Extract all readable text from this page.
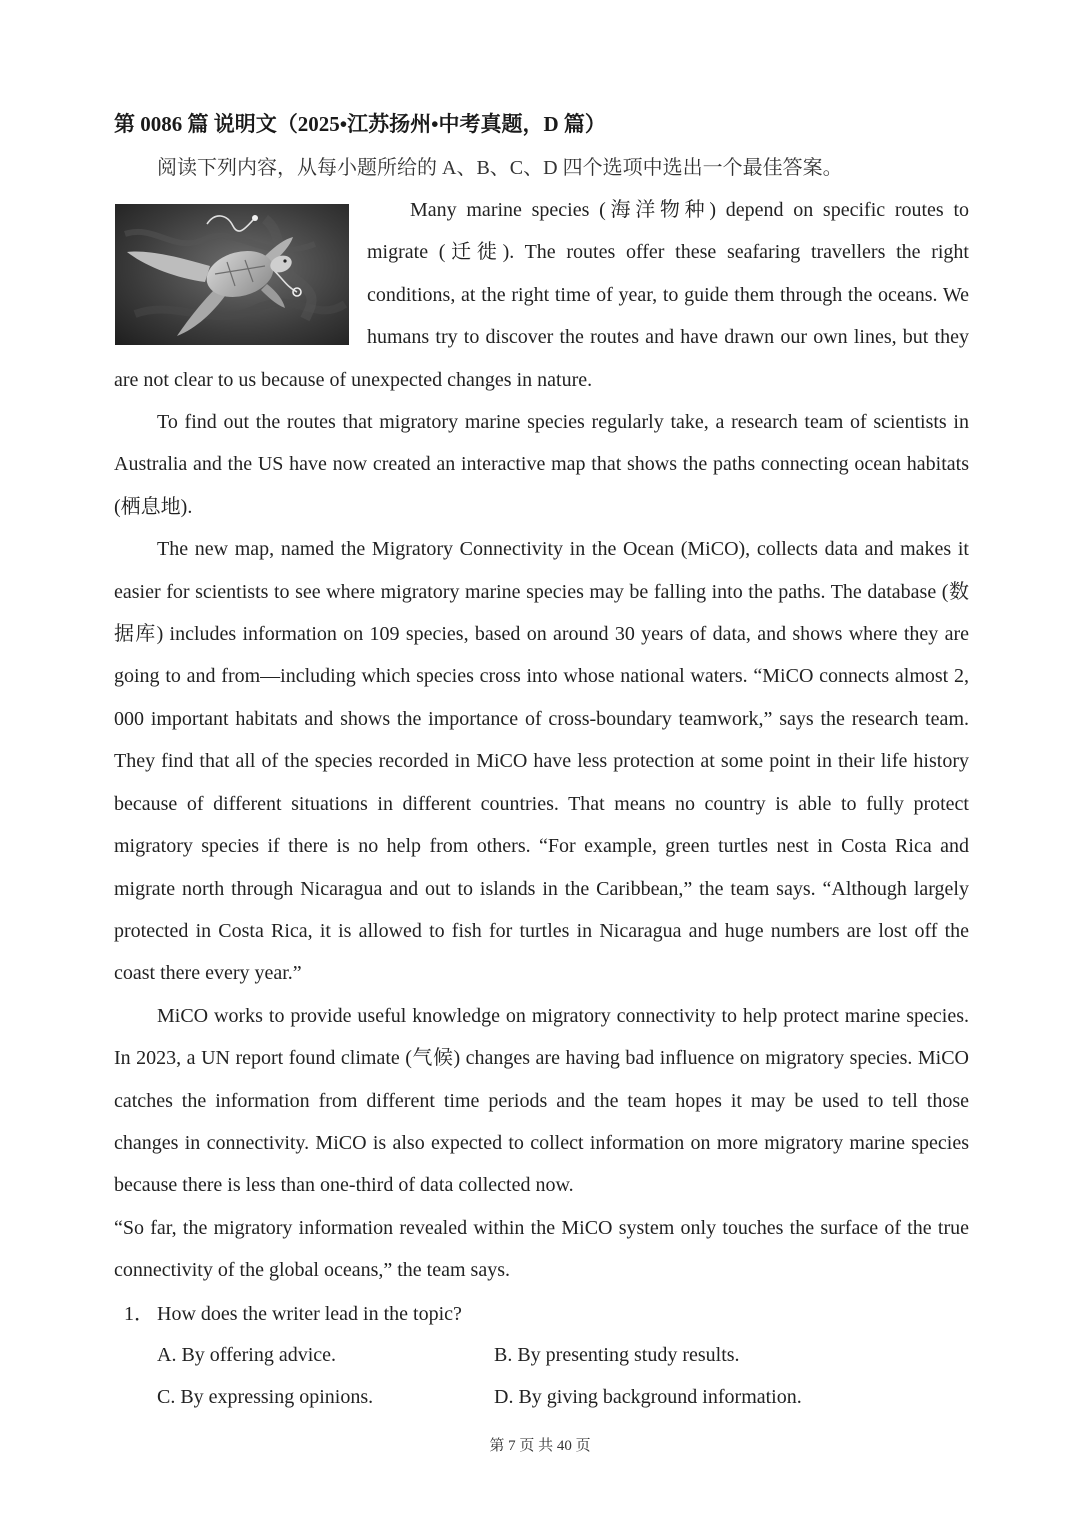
第 0086 篇 说明文（2025•江苏扬州•中考真题，D 篇）
阅读下列内容，从每小题所给的 A、B、C、D 四个选项中选出一个最佳答案。

Many marine species (海洋物种) depend on specific routes to migrate (迁徙). The routes offer these seafaring travellers the right conditions, at the right time of year, to guide them through the oceans. We humans try to discover the routes and have drawn our own lines, but they are not clear to us because of unexpected changes in nature.

To find out the routes that migratory marine species regularly take, a research team of scientists in Australia and the US have now created an interactive map that shows the paths connecting ocean habitats (栖息地).

The new map, named the Migratory Connectivity in the Ocean (MiCO), collects data and makes it easier for scientists to see where migratory marine species may be falling into the paths. The database (数据库) includes information on 109 species, based on around 30 years of data, and shows where they are going to and from—including which species cross into whose national waters. “MiCO connects almost 2, 000 important habitats and shows the importance of cross-boundary teamwork,” says the research team. They find that all of the species recorded in MiCO have less protection at some point in their life history because of different situations in different countries. That means no country is able to fully protect migratory species if there is no help from others. “For example, green turtles nest in Costa Rica and migrate north through Nicaragua and out to islands in the Caribbean,” the team says. “Although largely protected in Costa Rica, it is allowed to fish for turtles in Nicaragua and huge numbers are lost off the coast there every year.”

MiCO works to provide useful knowledge on migratory connectivity to help protect marine species. In 2023, a UN report found climate (气候) changes are having bad influence on migratory species. MiCO catches the information from different time periods and the team hopes it may be used to tell those changes in connectivity. MiCO is also expected to collect information on more migratory marine species because there is less than one-third of data collected now.

“So far, the migratory information revealed within the MiCO system only touches the surface of the true connectivity of the global oceans,” the team says.

1． How does the writer lead in the topic?
A. By offering advice.	B. By presenting study results.
C. By expressing opinions.	D. By giving background information.
第 7 页 共 40 页
